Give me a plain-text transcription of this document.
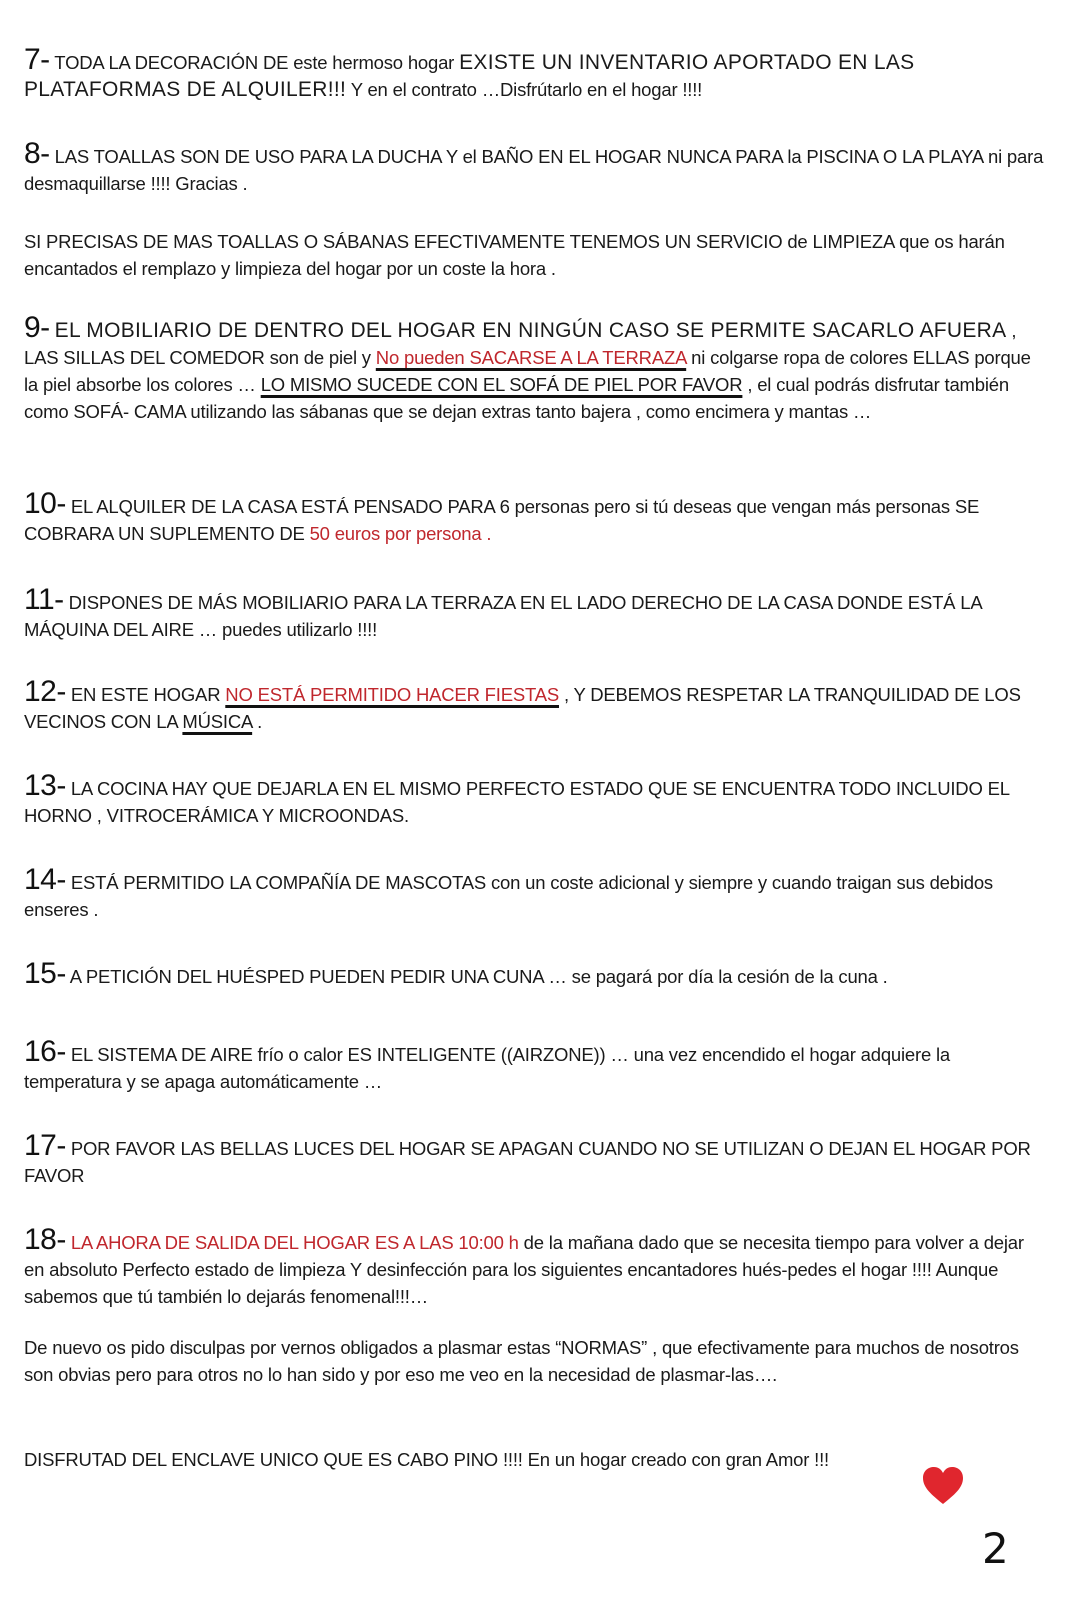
7- TODA LA DECORACIÓN DE este hermoso hogar EXISTE UN INVENTARIO APORTADO EN LAS PLATAFORMAS DE ALQUILER!!! Y en el contrato …Disfrútarlo en el hogar !!!!

8- LAS TOALLAS SON DE USO PARA LA DUCHA Y el BAÑO EN EL HOGAR NUNCA PARA la PISCINA O LA PLAYA ni para desmaquillarse !!!! Gracias .

SI PRECISAS DE MAS TOALLAS O SÁBANAS EFECTIVAMENTE TENEMOS UN SERVICIO de LIMPIEZA que os harán encantados el remplazo y limpieza del hogar por un coste la hora .

9- EL MOBILIARIO DE DENTRO DEL HOGAR EN NINGÚN CASO SE PERMITE SACARLO AFUERA , LAS SILLAS DEL COMEDOR son de piel y No pueden SACARSE A LA TERRAZA ni colgarse ropa de colores ELLAS porque la piel absorbe los colores … LO MISMO SUCEDE CON EL SOFÁ DE PIEL POR FAVOR , el cual podrás disfrutar también como SOFÁ- CAMA utilizando las sábanas que se dejan extras tanto bajera , como encimera y mantas …

10- EL ALQUILER DE LA CASA ESTÁ PENSADO PARA 6 personas pero si tú deseas que vengan más personas SE COBRARA UN SUPLEMENTO DE 50 euros por persona .

11- DISPONES DE MÁS MOBILIARIO PARA LA TERRAZA EN EL LADO DERECHO DE LA CASA DONDE ESTÁ LA MÁQUINA DEL AIRE … puedes utilizarlo !!!!

12- EN ESTE HOGAR NO ESTÁ PERMITIDO HACER FIESTAS , Y DEBEMOS RESPETAR LA TRANQUILIDAD DE LOS VECINOS CON LA MÚSICA .

13- LA COCINA HAY QUE DEJARLA EN EL MISMO PERFECTO ESTADO QUE SE ENCUENTRA TODO INCLUIDO EL HORNO , VITROCERÁMICA Y MICROONDAS.

14- ESTÁ PERMITIDO LA COMPAÑÍA DE MASCOTAS con un coste adicional y siempre y cuando traigan sus debidos enseres .

15- A PETICIÓN DEL HUÉSPED PUEDEN PEDIR UNA CUNA … se pagará por día la cesión de la cuna .

16- EL SISTEMA DE AIRE frío o calor ES INTELIGENTE ((AIRZONE)) … una vez encendido el hogar adquiere la temperatura y se apaga automáticamente …

17- POR FAVOR LAS BELLAS LUCES DEL HOGAR SE APAGAN CUANDO NO SE UTILIZAN O DEJAN EL HOGAR POR FAVOR

18- LA AHORA DE SALIDA DEL HOGAR ES A LAS 10:00 h de la mañana dado que se necesita tiempo para volver a dejar en absoluto Perfecto estado de limpieza Y desinfección para los siguientes encantadores hués-pedes el hogar !!!! Aunque sabemos que tú también lo dejarás fenomenal!!!…

De nuevo os pido disculpas por vernos obligados a plasmar estas “NORMAS” , que efectivamente para muchos de nosotros son obvias pero para otros no lo han sido y por eso me veo en la necesidad de plasmar-las….

DISFRUTAD DEL ENCLAVE UNICO QUE ES CABO PINO !!!! En un hogar creado con gran Amor !!!

2
